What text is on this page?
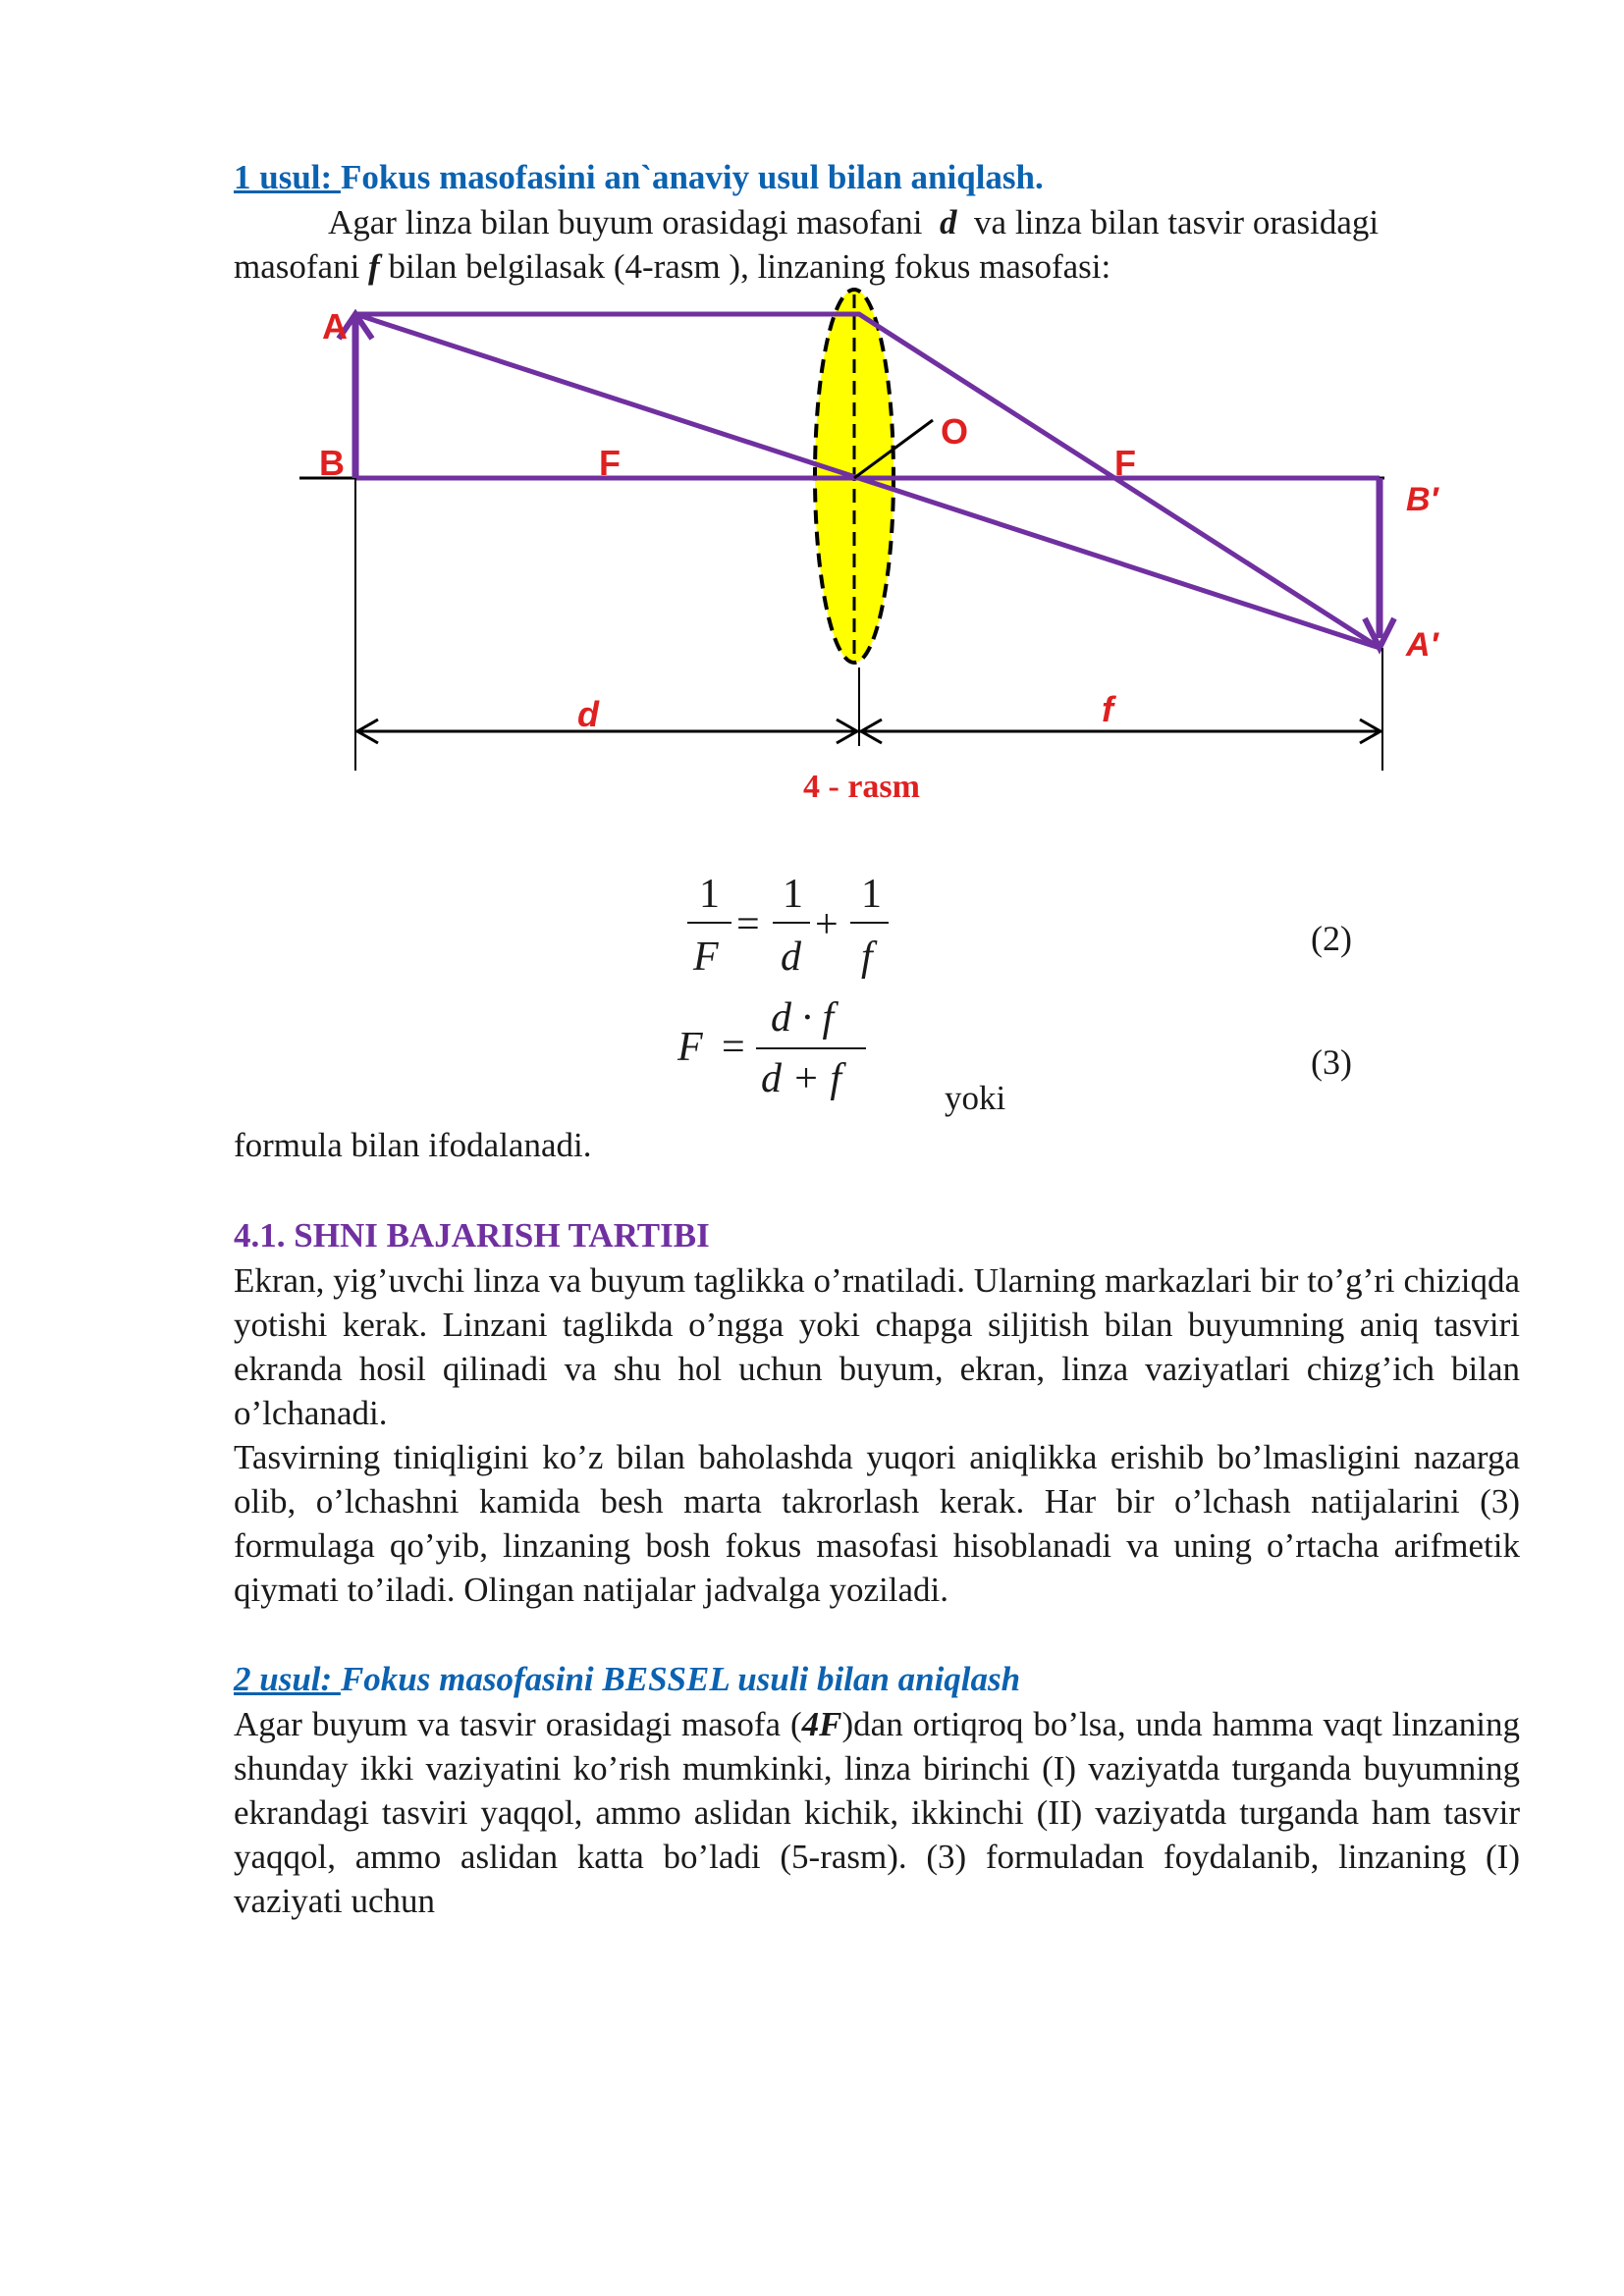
1 usul: Fokus masofasini an`anaviy usul bilan aniqlash.
Agar linza bilan buyum orasidagi masofani d va linza bilan tasvir orasidagi
masofani f bilan belgilasak (4-rasm ), linzaning fokus masofasi:
A
B	F
O
F
B′
A′
d	f
4 - rasm
1
F
=
1
d
+
1
f	(2)
F =
d · f
d + f	(3)
yoki
formula bilan ifodalanadi.
4.1. SHNI BAJARISH TARTIBI
Ekran, yig’uvchi linza va buyum taglikka o’rnatiladi. Ularning markazlari bir to’g’ri chiziqda yotishi kerak. Linzani taglikda o’ngga yoki chapga siljitish bilan buyumning aniq tasviri ekranda hosil qilinadi va shu hol uchun buyum, ekran, linza vaziyatlari chizg’ich bilan o’lchanadi.
Tasvirning tiniqligini ko’z bilan baholashda yuqori aniqlikka erishib bo’lmasligini nazarga olib, o’lchashni kamida besh marta takrorlash kerak. Har bir o’lchash natijalarini (3) formulaga qo’yib, linzaning bosh fokus masofasi hisoblanadi va uning o’rtacha arifmetik qiymati to’iladi. Olingan natijalar jadvalga yoziladi.
2 usul: Fokus masofasini BESSEL usuli bilan aniqlash
Agar buyum va tasvir orasidagi masofa (4F)dan ortiqroq bo’lsa, unda hamma vaqt linzaning shunday ikki vaziyatini ko’rish mumkinki, linza birinchi (I) vaziyatda turganda buyumning ekrandagi tasviri yaqqol, ammo aslidan kichik, ikkinchi (II) vaziyatda turganda ham tasvir yaqqol, ammo aslidan katta bo’ladi (5-rasm). (3) formuladan foydalanib, linzaning (I) vaziyati uchun
